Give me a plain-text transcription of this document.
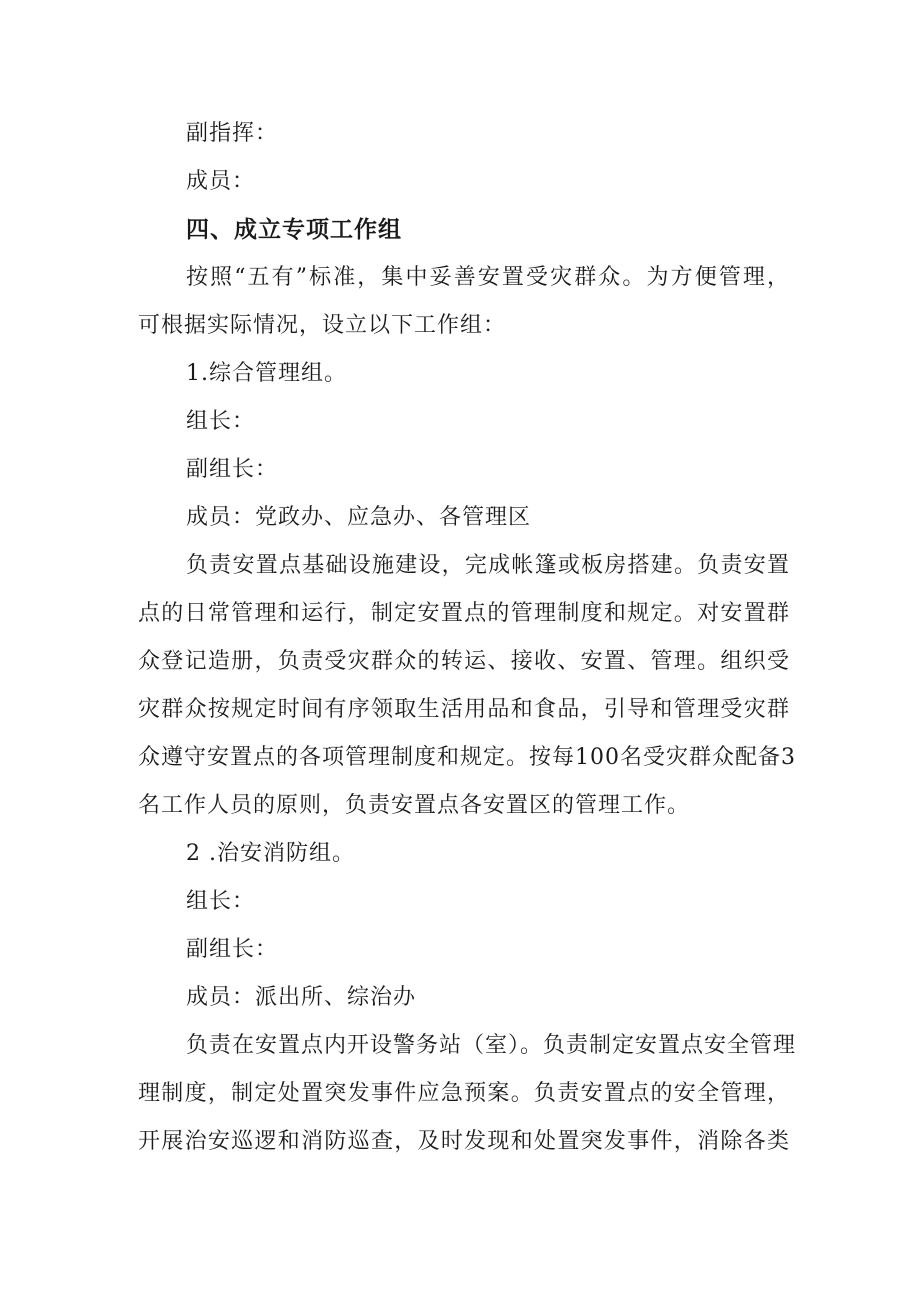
副指挥：
成员：
四、成立专项工作组
按照“五有”标准，集中妥善安置受灾群众。为方便管理，
可根据实际情况，设立以下工作组：
1.综合管理组。
组长：
副组长：
成员：党政办、应急办、各管理区
负责安置点基础设施建设，完成帐篷或板房搭建。负责安置
点的日常管理和运行，制定安置点的管理制度和规定。对安置群
众登记造册，负责受灾群众的转运、接收、安置、管理。组织受
灾群众按规定时间有序领取生活用品和食品，引导和管理受灾群
众遵守安置点的各项管理制度和规定。按每100名受灾群众配备3
名工作人员的原则，负责安置点各安置区的管理工作。
2 .治安消防组。
组长：
副组长：
成员：派出所、综治办
负责在安置点内开设警务站（室）。负责制定安置点安全管理
理制度，制定处置突发事件应急预案。负责安置点的安全管理，
开展治安巡逻和消防巡查，及时发现和处置突发事件，消除各类
